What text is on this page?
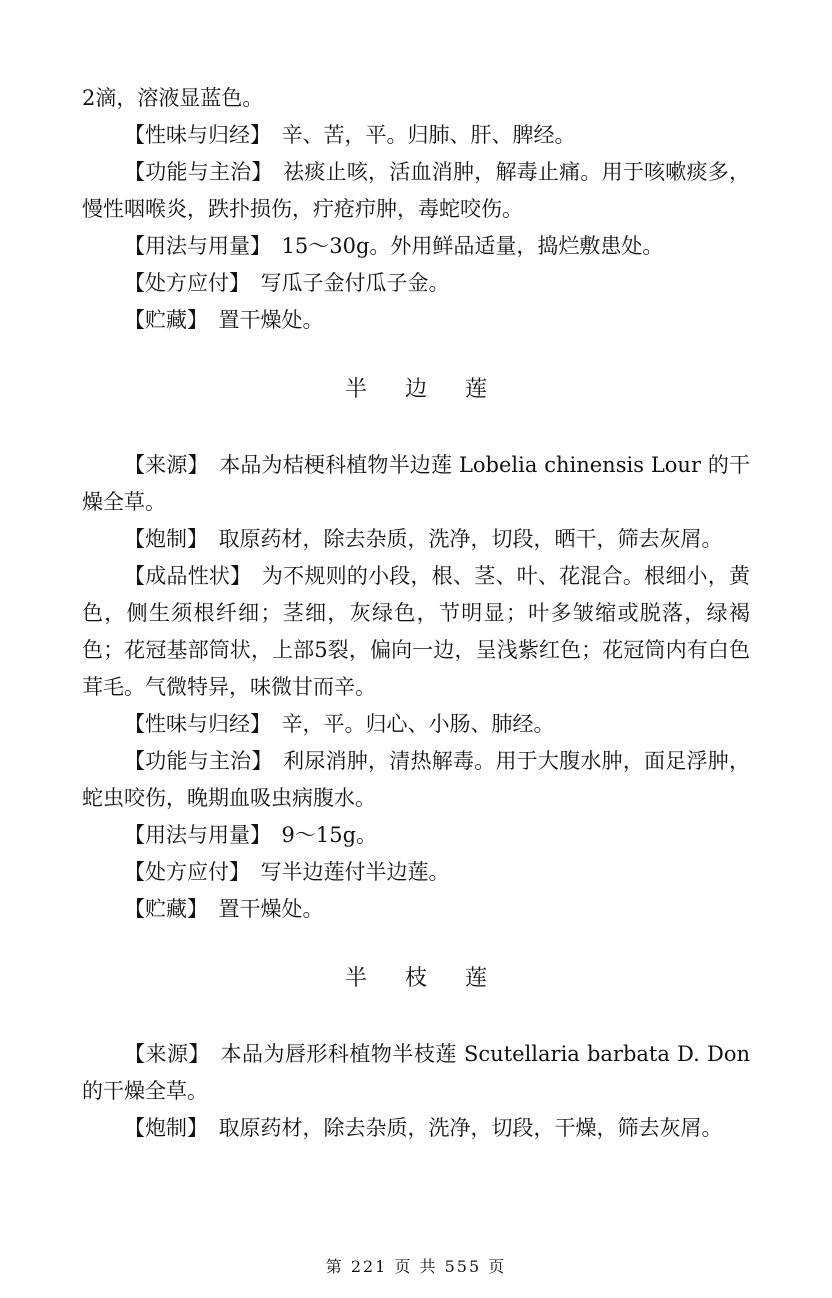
2滴，溶液显蓝色。

【性味与归经】 辛、苦，平。归肺、肝、脾经。

【功能与主治】 祛痰止咳，活血消肿，解毒止痛。用于咳嗽痰多，慢性咽喉炎，跌扑损伤，疔疮疖肿，毒蛇咬伤。

【用法与用量】 15～30g。外用鲜品适量，捣烂敷患处。

【处方应付】 写瓜子金付瓜子金。

【贮藏】 置干燥处。

半边莲

【来源】 本品为桔梗科植物半边莲 Lobelia chinensis Lour 的干燥全草。

【炮制】 取原药材，除去杂质，洗净，切段，晒干，筛去灰屑。

【成品性状】 为不规则的小段，根、茎、叶、花混合。根细小，黄色，侧生须根纤细；茎细，灰绿色，节明显；叶多皱缩或脱落，绿褐色；花冠基部筒状，上部5裂，偏向一边，呈浅紫红色；花冠筒内有白色茸毛。气微特异，味微甘而辛。

【性味与归经】 辛，平。归心、小肠、肺经。

【功能与主治】 利尿消肿，清热解毒。用于大腹水肿，面足浮肿，蛇虫咬伤，晚期血吸虫病腹水。

【用法与用量】 9～15g。

【处方应付】 写半边莲付半边莲。

【贮藏】 置干燥处。

半枝莲

【来源】 本品为唇形科植物半枝莲 Scutellaria barbata D. Don 的干燥全草。

【炮制】 取原药材，除去杂质，洗净，切段，干燥，筛去灰屑。

第 221 页 共 555 页
